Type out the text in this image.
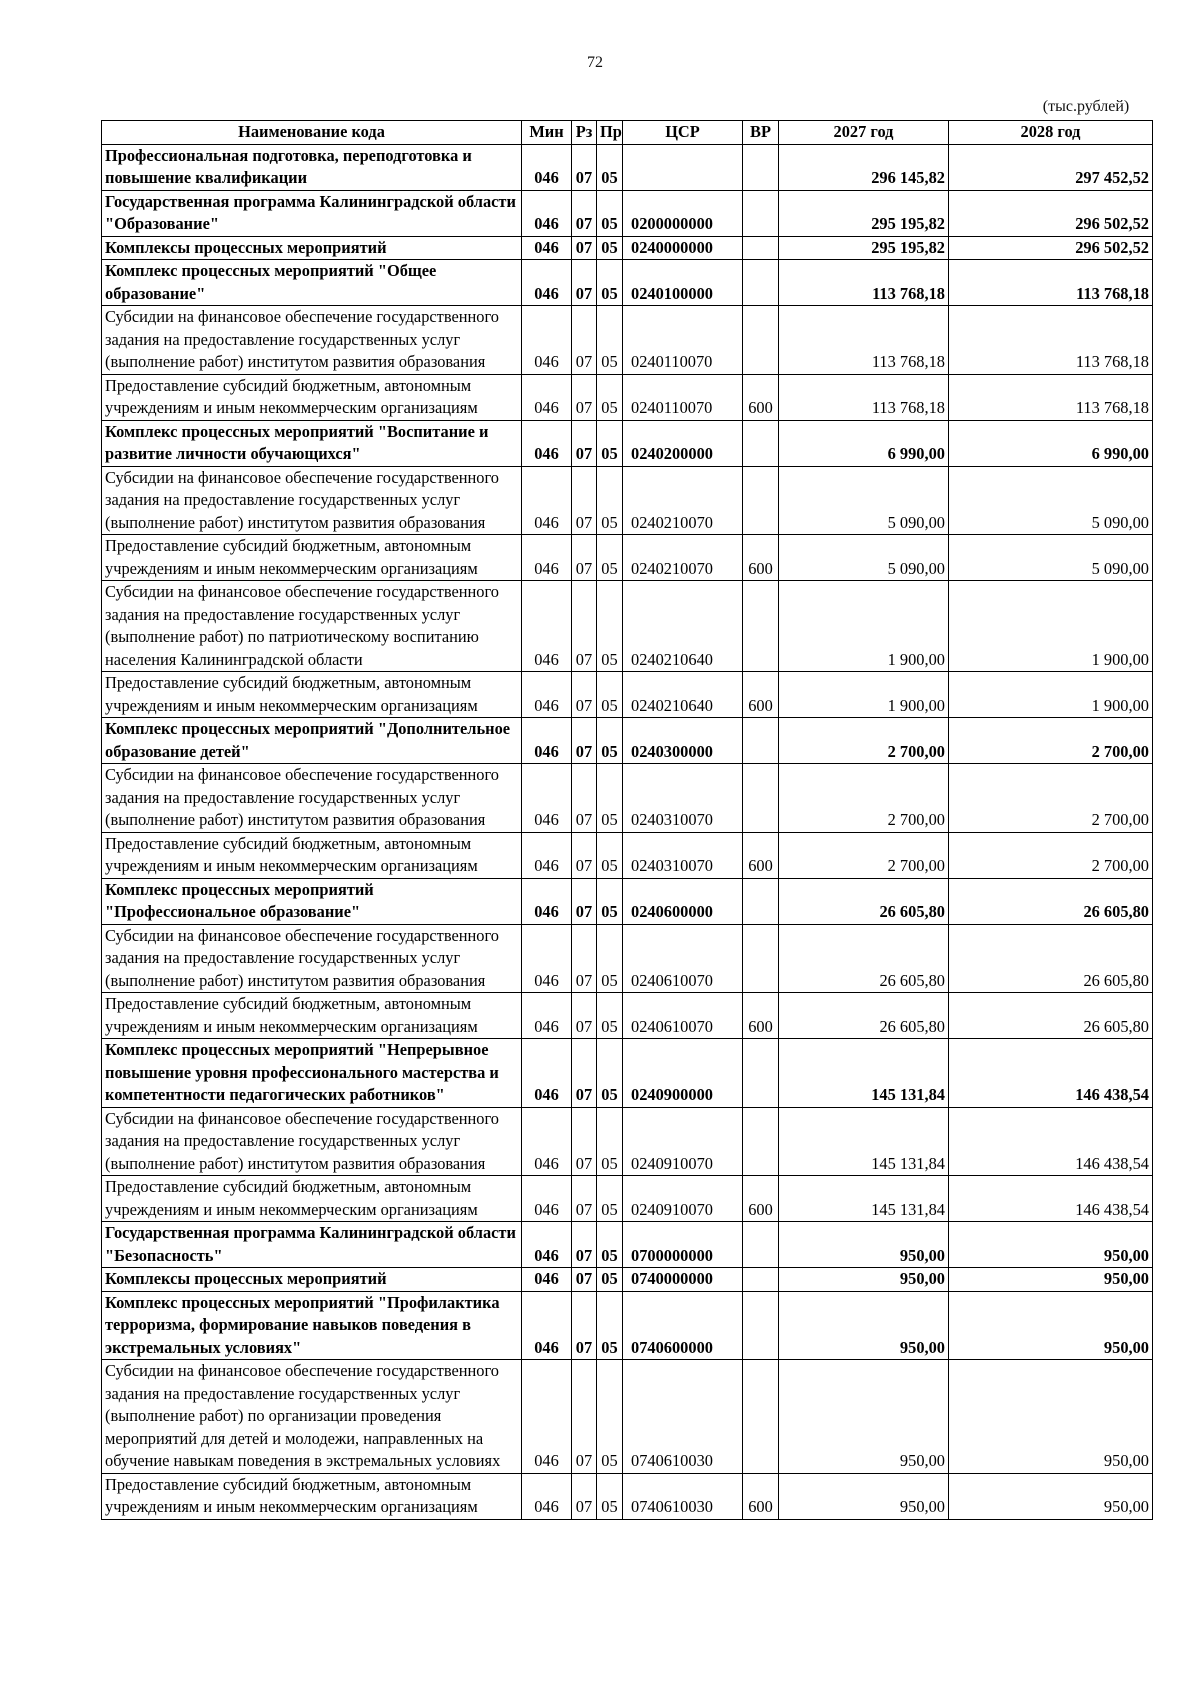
72
(тыс.рублей)
Наименование кода	Мин	Рз	Пр	ЦСР	ВР	2027 год	2028 год
Профессиональная подготовка, переподготовка и повышение квалификации	046	07	05			296 145,82	297 452,52
Государственная программа Калининградской области "Образование"	046	07	05	0200000000		295 195,82	296 502,52
Комплексы процессных мероприятий	046	07	05	0240000000		295 195,82	296 502,52
Комплекс процессных мероприятий "Общее образование"	046	07	05	0240100000		113 768,18	113 768,18
Субсидии на финансовое обеспечение государственного задания на предоставление государственных услуг (выполнение работ) институтом развития образования	046	07	05	0240110070		113 768,18	113 768,18
Предоставление субсидий бюджетным, автономным учреждениям и иным некоммерческим организациям	046	07	05	0240110070	600	113 768,18	113 768,18
Комплекс процессных мероприятий "Воспитание и развитие личности обучающихся"	046	07	05	0240200000		6 990,00	6 990,00
Субсидии на финансовое обеспечение государственного задания на предоставление государственных услуг (выполнение работ) институтом развития образования	046	07	05	0240210070		5 090,00	5 090,00
Предоставление субсидий бюджетным, автономным учреждениям и иным некоммерческим организациям	046	07	05	0240210070	600	5 090,00	5 090,00
Субсидии на финансовое обеспечение государственного задания на предоставление государственных услуг (выполнение работ) по патриотическому воспитанию населения Калининградской области	046	07	05	0240210640		1 900,00	1 900,00
Предоставление субсидий бюджетным, автономным учреждениям и иным некоммерческим организациям	046	07	05	0240210640	600	1 900,00	1 900,00
Комплекс процессных мероприятий "Дополнительное образование детей"	046	07	05	0240300000		2 700,00	2 700,00
Субсидии на финансовое обеспечение государственного задания на предоставление государственных услуг (выполнение работ) институтом развития образования	046	07	05	0240310070		2 700,00	2 700,00
Предоставление субсидий бюджетным, автономным учреждениям и иным некоммерческим организациям	046	07	05	0240310070	600	2 700,00	2 700,00
Комплекс процессных мероприятий "Профессиональное образование"	046	07	05	0240600000		26 605,80	26 605,80
Субсидии на финансовое обеспечение государственного задания на предоставление государственных услуг (выполнение работ) институтом развития образования	046	07	05	0240610070		26 605,80	26 605,80
Предоставление субсидий бюджетным, автономным учреждениям и иным некоммерческим организациям	046	07	05	0240610070	600	26 605,80	26 605,80
Комплекс процессных мероприятий "Непрерывное повышение уровня профессионального мастерства и компетентности педагогических работников"	046	07	05	0240900000		145 131,84	146 438,54
Субсидии на финансовое обеспечение государственного задания на предоставление государственных услуг (выполнение работ) институтом развития образования	046	07	05	0240910070		145 131,84	146 438,54
Предоставление субсидий бюджетным, автономным учреждениям и иным некоммерческим организациям	046	07	05	0240910070	600	145 131,84	146 438,54
Государственная программа Калининградской области "Безопасность"	046	07	05	0700000000		950,00	950,00
Комплексы процессных мероприятий	046	07	05	0740000000		950,00	950,00
Комплекс процессных мероприятий "Профилактика терроризма, формирование навыков поведения в экстремальных условиях"	046	07	05	0740600000		950,00	950,00
Субсидии на финансовое обеспечение государственного задания на предоставление государственных услуг (выполнение работ) по организации проведения мероприятий для детей и молодежи, направленных на обучение навыкам поведения в экстремальных условиях	046	07	05	0740610030		950,00	950,00
Предоставление субсидий бюджетным, автономным учреждениям и иным некоммерческим организациям	046	07	05	0740610030	600	950,00	950,00
